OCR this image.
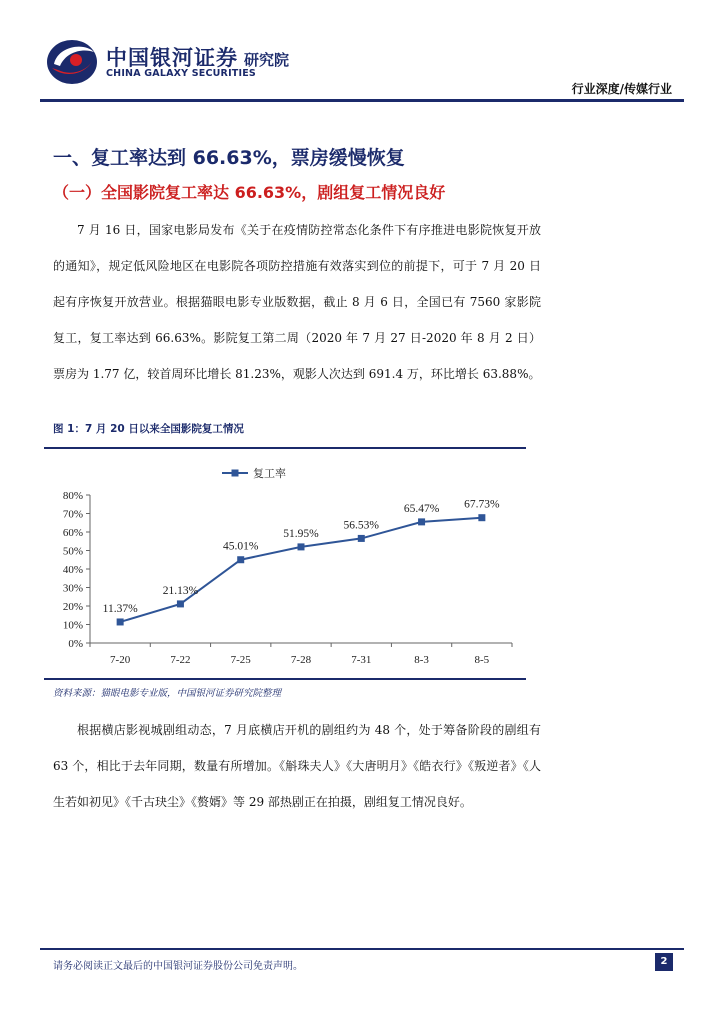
中国银河证券 研究院
CHINA GALAXY SECURITIES
行业深度/传媒行业
一、复工率达到 66.63%，票房缓慢恢复
（一）全国影院复工率达 66.63%，剧组复工情况良好

7 月 16 日，国家电影局发布《关于在疫情防控常态化条件下有序推进电影院恢复开放的通知》，规定低风险地区在电影院各项防控措施有效落实到位的前提下，可于 7 月 20 日起有序恢复开放营业。根据猫眼电影专业版数据，截止 8 月 6 日，全国已有 7560 家影院复工，复工率达到 66.63%。影院复工第二周（2020 年 7 月 27 日-2020 年 8 月 2 日）票房为 1.77 亿，较首周环比增长 81.23%，观影人次达到 691.4 万，环比增长 63.88%。

图 1：7 月 20 日以来全国影院复工情况
0%
10%
20%
30%
40%
50%
60%
70%
80%
7-20	7-22	7-25	7-28	7-31	8-3	8-5
11.37%
21.13%
45.01%
51.95%
56.53%
65.47% 67.73%
复工率
资料来源：猫眼电影专业版，中国银河证券研究院整理

根据横店影视城剧组动态，7 月底横店开机的剧组约为 48 个，处于筹备阶段的剧组有 63 个，相比于去年同期，数量有所增加。《斛珠夫人》《大唐明月》《皓衣行》《叛逆者》《人生若如初见》《千古玦尘》《赘婿》等 29 部热剧正在拍摄，剧组复工情况良好。

请务必阅读正文最后的中国银河证券股份公司免责声明。	2
